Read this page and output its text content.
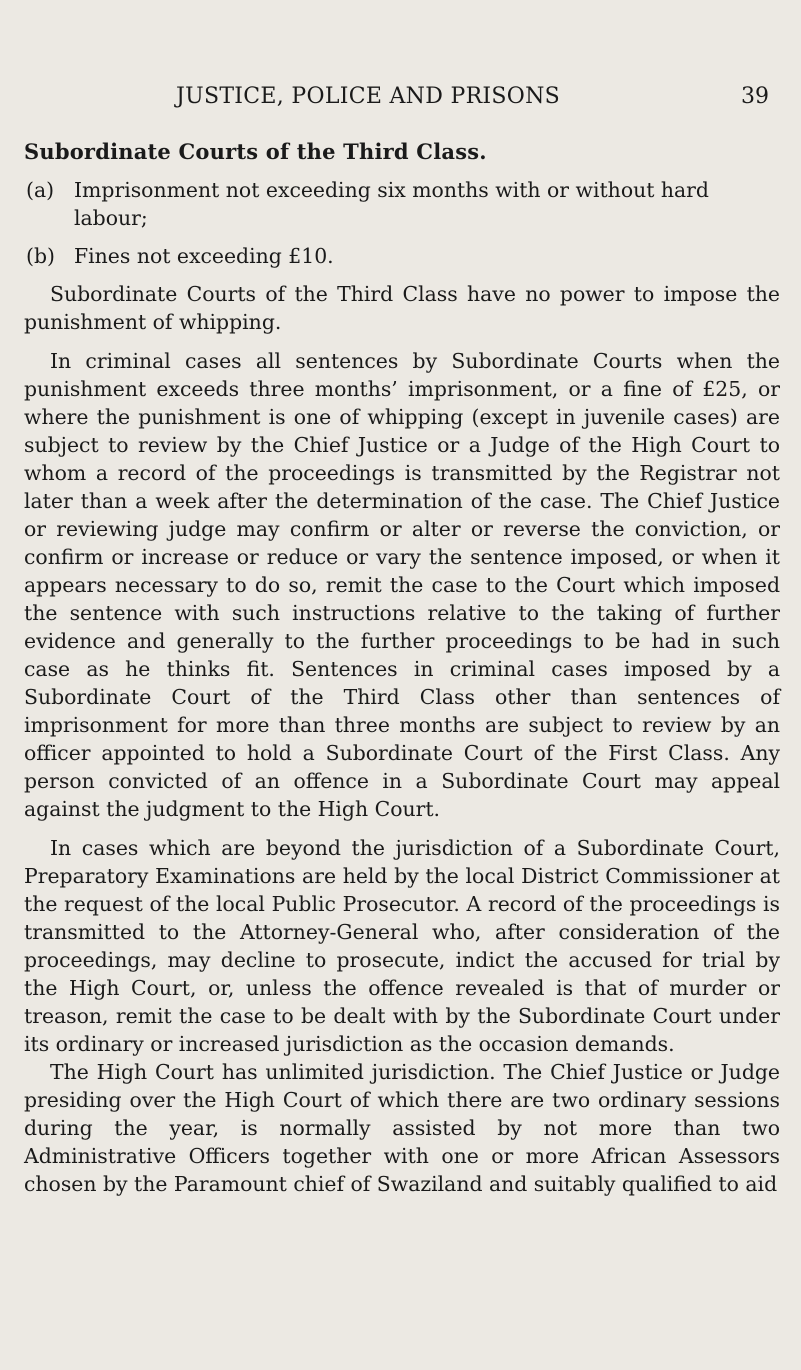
JUSTICE, POLICE AND PRISONS	39
Subordinate Courts of the Third Class.
(a) Imprisonment not exceeding six months with or without hard labour;
(b) Fines not exceeding £10.

Subordinate Courts of the Third Class have no power to impose the punishment of whipping.

In criminal cases all sentences by Subordinate Courts when the punishment exceeds three months’ imprisonment, or a fine of £25, or where the punishment is one of whipping (except in juvenile cases) are subject to review by the Chief Justice or a Judge of the High Court to whom a record of the proceedings is transmitted by the Registrar not later than a week after the determination of the case. The Chief Justice or reviewing judge may confirm or alter or reverse the conviction, or confirm or increase or reduce or vary the sentence imposed, or when it appears necessary to do so, remit the case to the Court which imposed the sentence with such instructions relative to the taking of further evidence and generally to the further proceedings to be had in such case as he thinks fit. Sentences in criminal cases imposed by a Subordinate Court of the Third Class other than sentences of imprisonment for more than three months are subject to review by an officer appointed to hold a Subordinate Court of the First Class. Any person convicted of an offence in a Subordinate Court may appeal against the judgment to the High Court.

In cases which are beyond the jurisdiction of a Subordinate Court, Preparatory Examinations are held by the local District Commissioner at the request of the local Public Prosecutor. A record of the proceedings is transmitted to the Attorney-General who, after consideration of the proceedings, may decline to prosecute, indict the accused for trial by the High Court, or, unless the offence revealed is that of murder or treason, remit the case to be dealt with by the Subordinate Court under its ordinary or increased jurisdiction as the occasion demands.

The High Court has unlimited jurisdiction. The Chief Justice or Judge presiding over the High Court of which there are two ordinary sessions during the year, is normally assisted by not more than two Administrative Officers together with one or more African Assessors chosen by the Paramount chief of Swaziland and suitably qualified to aid
